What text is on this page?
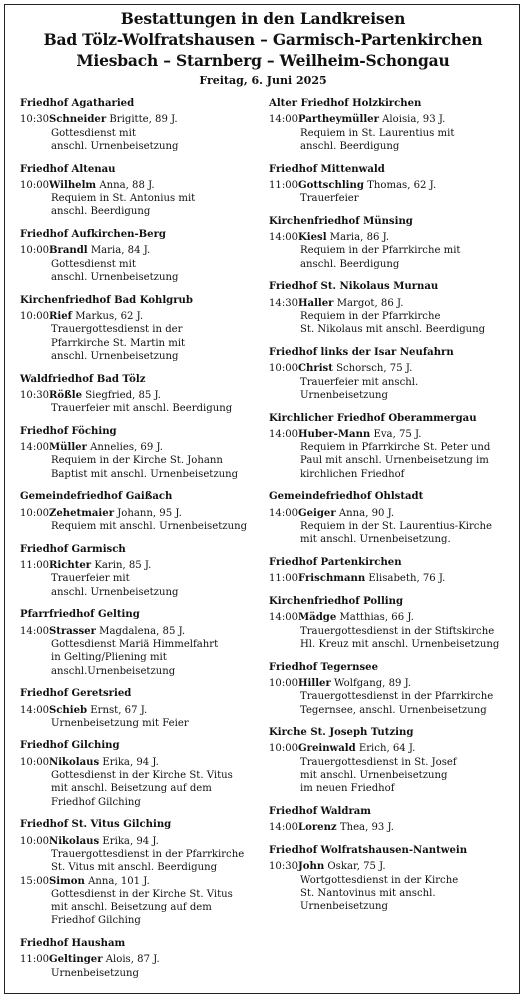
Bestattungen in den Landkreisen
Bad Tölz-Wolfratshausen – Garmisch-Partenkirchen
Miesbach – Starnberg – Weilheim-Schongau
Freitag, 6. Juni 2025
Friedhof Agatharied
10:30 Schneider Brigitte, 89 J.
Gottesdienst mit
anschl. Urnenbeisetzung
Friedhof Altenau
10:00 Wilhelm Anna, 88 J.
Requiem in St. Antonius mit
anschl. Beerdigung
Friedhof Aufkirchen-Berg
10:00 Brandl Maria, 84 J.
Gottesdienst mit
anschl. Urnenbeisetzung
Kirchenfriedhof Bad Kohlgrub
10:00 Rief Markus, 62 J.
Trauergottesdienst in der
Pfarrkirche St. Martin mit
anschl. Urnenbeisetzung
Waldfriedhof Bad Tölz
10:30 Rößle Siegfried, 85 J.
Trauerfeier mit anschl. Beerdigung
Friedhof Föching
14:00 Müller Annelies, 69 J.
Requiem in der Kirche St. Johann
Baptist mit anschl. Urnenbeisetzung
Gemeindefriedhof Gaißach
10:00 Zehetmaier Johann, 95 J.
Requiem mit anschl. Urnenbeisetzung
Friedhof Garmisch
11:00 Richter Karin, 85 J.
Trauerfeier mit
anschl. Urnenbeisetzung
Pfarrfriedhof Gelting
14:00 Strasser Magdalena, 85 J.
Gottesdienst Mariä Himmelfahrt
in Gelting/Pliening mit
anschl.Urnenbeisetzung
Friedhof Geretsried
14:00 Schieb Ernst, 67 J.
Urnenbeisetzung mit Feier
Friedhof Gilching
10:00 Nikolaus Erika, 94 J.
Gottesdienst in der Kirche St. Vitus
mit anschl. Beisetzung auf dem
Friedhof Gilching
Friedhof St. Vitus Gilching
10:00 Nikolaus Erika, 94 J.
Trauergottesdienst in der Pfarrkirche
St. Vitus mit anschl. Beerdigung
15:00 Simon Anna, 101 J.
Gottesdienst in der Kirche St. Vitus
mit anschl. Beisetzung auf dem
Friedhof Gilching
Friedhof Hausham
11:00 Geltinger Alois, 87 J.
Urnenbeisetzung
Alter Friedhof Holzkirchen
14:00 Partheymüller Aloisia, 93 J.
Requiem in St. Laurentius mit
anschl. Beerdigung
Friedhof Mittenwald
11:00 Gottschling Thomas, 62 J.
Trauerfeier
Kirchenfriedhof Münsing
14:00 Kiesl Maria, 86 J.
Requiem in der Pfarrkirche mit
anschl. Beerdigung
Friedhof St. Nikolaus Murnau
14:30 Haller Margot, 86 J.
Requiem in der Pfarrkirche
St. Nikolaus mit anschl. Beerdigung
Friedhof links der Isar Neufahrn
10:00 Christ Schorsch, 75 J.
Trauerfeier mit anschl.
Urnenbeisetzung
Kirchlicher Friedhof Oberammergau
14:00 Huber-Mann Eva, 75 J.
Requiem in Pfarrkirche St. Peter und
Paul mit anschl. Urnenbeisetzung im
kirchlichen Friedhof
Gemeindefriedhof Ohlstadt
14:00 Geiger Anna, 90 J.
Requiem in der St. Laurentius-Kirche
mit anschl. Urnenbeisetzung.
Friedhof Partenkirchen
11:00 Frischmann Elisabeth, 76 J.
Kirchenfriedhof Polling
14:00 Mädge Matthias, 66 J.
Trauergottesdienst in der Stiftskirche
Hl. Kreuz mit anschl. Urnenbeisetzung
Friedhof Tegernsee
10:00 Hiller Wolfgang, 89 J.
Trauergottesdienst in der Pfarrkirche
Tegernsee, anschl. Urnenbeisetzung
Kirche St. Joseph Tutzing
10:00 Greinwald Erich, 64 J.
Trauergottesdienst in St. Josef
mit anschl. Urnenbeisetzung
im neuen Friedhof
Friedhof Waldram
14:00 Lorenz Thea, 93 J.
Friedhof Wolfratshausen-Nantwein
10:30 John Oskar, 75 J.
Wortgottesdienst in der Kirche
St. Nantovinus mit anschl.
Urnenbeisetzung
